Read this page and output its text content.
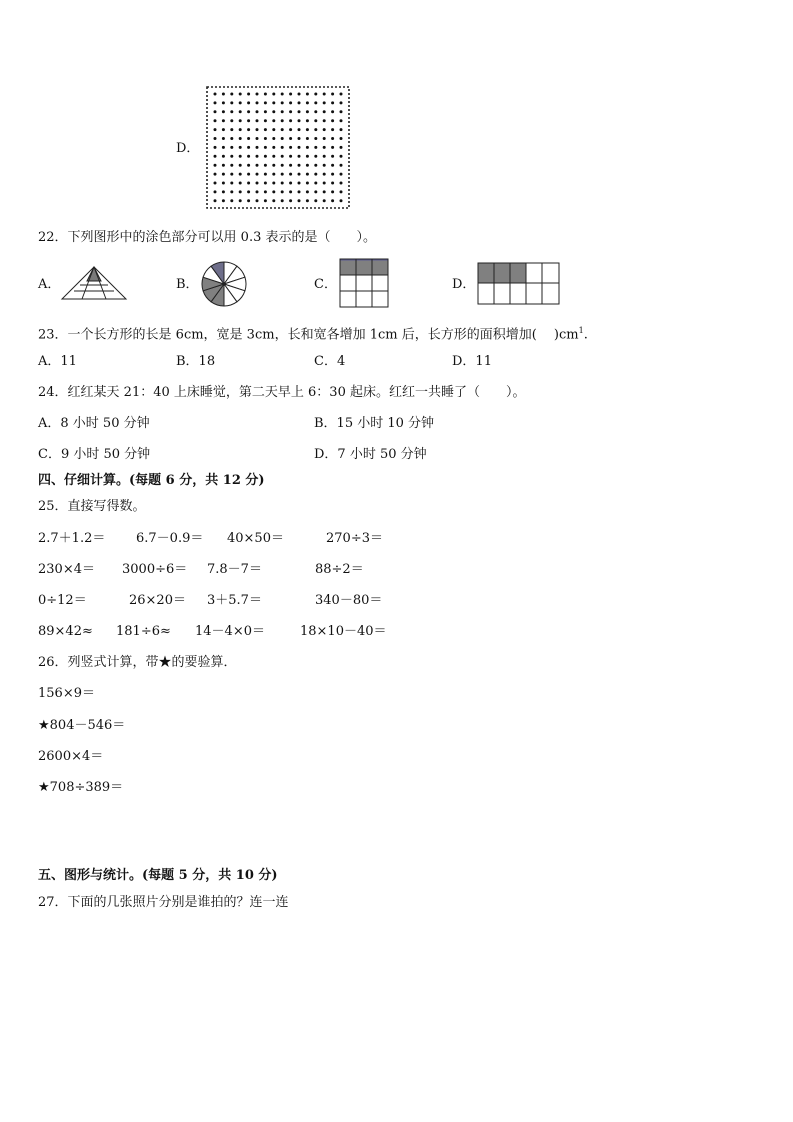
D．
22．下列图形中的涂色部分可以用 0.3 表示的是（　　）。
A．	B．	C．	D．
23．一个长方形的长是 6cm，宽是 3cm，长和宽各增加 1cm 后，长方形的面积增加(　 )$cm^1$.
A．11	B．18	C．4	D．11
24．红红某天 21：40 上床睡觉，第二天早上 6：30 起床。红红一共睡了（　　）。
A．8 小时 50 分钟	B．15 小时 10 分钟
C．9 小时 50 分钟	D．7 小时 50 分钟
四、仔细计算。(每题 6 分，共 12 分)
25．直接写得数。
2.7＋1.2＝ 6.7－0.9＝ 40×50＝	270÷3＝
230×4＝ 3000÷6＝ 7.8－7＝	88÷2＝
0÷12＝	26×20＝ 3＋5.7＝	340－80＝
89×42≈ 181÷6≈ 14－4×0＝	18×10－40＝
26．列竖式计算，带★的要验算．
156×9＝
★804－546＝
2600×4＝
★708÷389＝
五、图形与统计。(每题 5 分，共 10 分)
27．下面的几张照片分别是谁拍的？连一连
